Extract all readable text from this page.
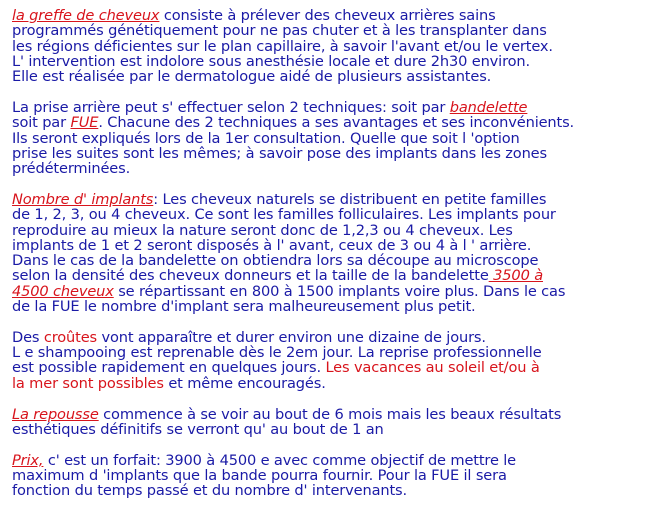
la greffe de cheveux consiste à prélever des cheveux arrières sains
programmés génétiquement pour ne pas chuter et à les transplanter dans
les régions déficientes sur le plan capillaire, à savoir l'avant et/ou le vertex.
L' intervention est indolore sous anesthésie locale et dure 2h30 environ.
Elle est réalisée par le dermatologue aidé de plusieurs assistantes.

La prise arrière peut s' effectuer selon 2 techniques: soit par bandelette
soit par FUE. Chacune des 2 techniques a ses avantages et ses inconvénients.
Ils seront expliqués lors de la 1er consultation. Quelle que soit l 'option
prise les suites sont les mêmes; à savoir pose des implants dans les zones
prédéterminées.

Nombre d' implants: Les cheveux naturels se distribuent en petite familles
de 1, 2, 3, ou 4 cheveux. Ce sont les familles folliculaires. Les implants pour
reproduire au mieux la nature seront donc de 1,2,3 ou 4 cheveux. Les
implants de 1 et 2 seront disposés à l' avant, ceux de 3 ou 4 à l ' arrière.
Dans le cas de la bandelette on obtiendra lors sa découpe au microscope
selon la densité des cheveux donneurs et la taille de la bandelette 3500 à
4500 cheveux se répartissant en 800 à 1500 implants voire plus. Dans le cas
de la FUE le nombre d'implant sera malheureusement plus petit.

Des croûtes vont apparaître et durer environ une dizaine de jours.
L e shampooing est reprenable dès le 2em jour. La reprise professionnelle
est possible rapidement en quelques jours. Les vacances au soleil et/ou à
la mer sont possibles et même encouragés.

La repousse commence à se voir au bout de 6 mois mais les beaux résultats
esthétiques définitifs se verront qu' au bout de 1 an

Prix, c' est un forfait: 3900 à 4500 e avec comme objectif de mettre le
maximum d 'implants que la bande pourra fournir. Pour la FUE il sera
fonction du temps passé et du nombre d' intervenants.
